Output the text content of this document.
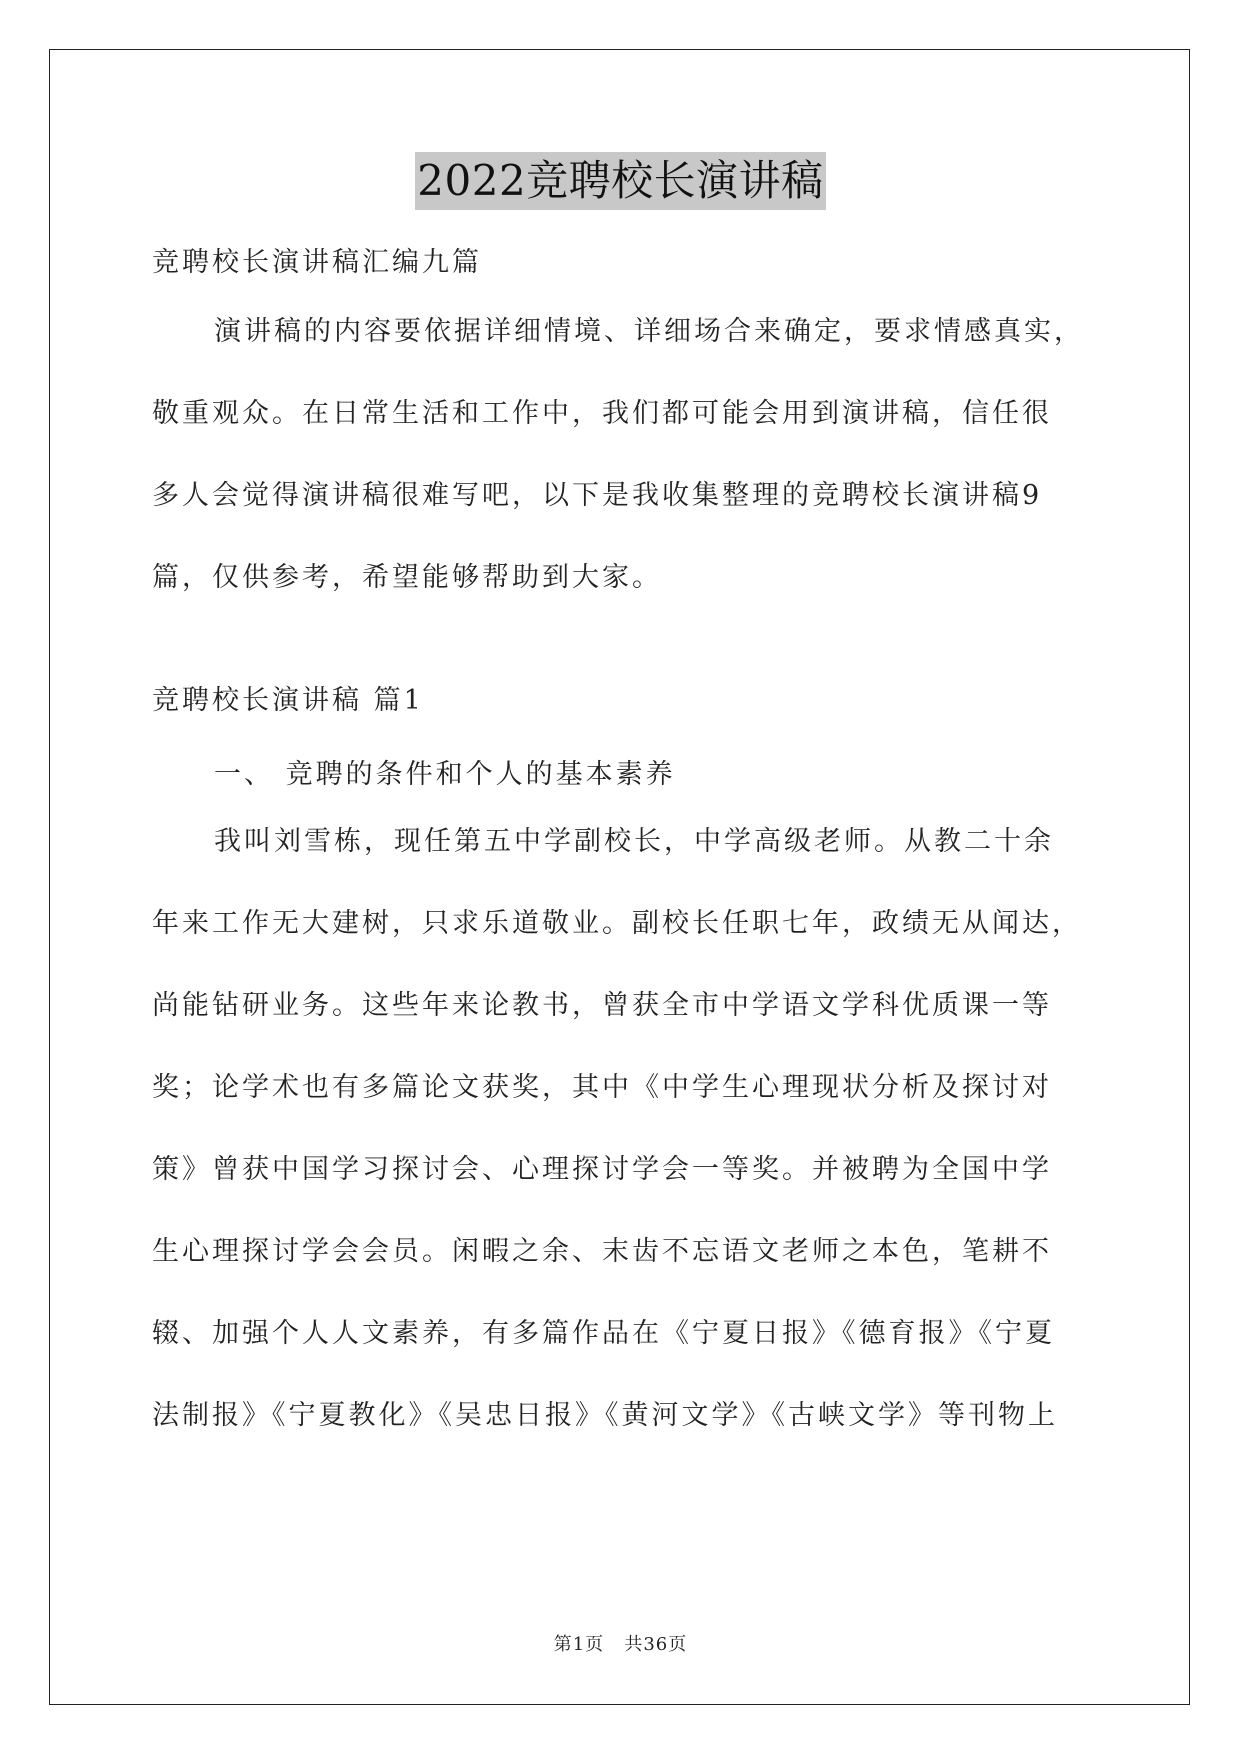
2022竞聘校长演讲稿
竞聘校长演讲稿汇编九篇
演讲稿的内容要依据详细情境、详细场合来确定，要求情感真实，
敬重观众。在日常生活和工作中，我们都可能会用到演讲稿，信任很
多人会觉得演讲稿很难写吧，以下是我收集整理的竞聘校长演讲稿9
篇，仅供参考，希望能够帮助到大家。
竞聘校长演讲稿 篇1
一、 竞聘的条件和个人的基本素养
我叫刘雪栋，现任第五中学副校长，中学高级老师。从教二十余
年来工作无大建树，只求乐道敬业。副校长任职七年，政绩无从闻达，
尚能钻研业务。这些年来论教书，曾获全市中学语文学科优质课一等
奖；论学术也有多篇论文获奖，其中《中学生心理现状分析及探讨对
策》曾获中国学习探讨会、心理探讨学会一等奖。并被聘为全国中学
生心理探讨学会会员。闲暇之余、末齿不忘语文老师之本色，笔耕不
辍、加强个人人文素养，有多篇作品在《宁夏日报》《德育报》《宁夏
法制报》《宁夏教化》《吴忠日报》《黄河文学》《古峡文学》等刊物上
第1页 共36页
